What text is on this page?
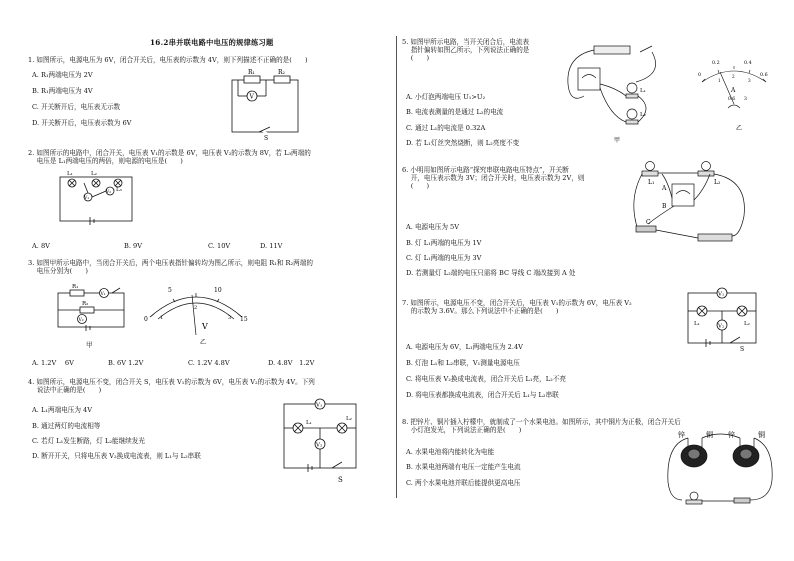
16.2串并联电路中电压的规律练习题
1. 如图所示，电源电压为 6V，闭合开关后，电压表的示数为 4V，则下列描述不正确的是(　　)
A. R₁两端电压为 2V
B. R₁两端电压为 4V
C. 开关断开后，电压表无示数
D. 开关断开后，电压表示数为 6V
R₁	R₂
V
S
2. 如图所示的电路中，闭合开关，电压表 V₁的示数是 6V，电压表 V₂的示数为 8V，若 L₃两端的
　 电压是 L₁两端电压的两倍，则电源的电压是(　　)
L₁	L₂
L₃
V₁
V₂
A. 8V	B. 9V	C. 10V	D. 11V
3. 如图甲所示电路中，当闭合开关后，两个电压表指针偏转均为图乙所示，则电阻 R₁和 R₂两端的
　 电压分别为(　　)
R₁
R₂
V₁
V₂	0
5	10
15
1
2
3
V
乙
甲
A. 1.2V　 6V	B. 6V 1.2V	C. 1.2V 4.8V	D. 4.8V　1.2V
4. 如图所示，电源电压不变，闭合开关 S，电压表 V₁的示数为 6V，电压表 V₂的示数为 4V。下列
　 说法中正确的是(　　)
A. L₁两端电压为 4V
B. 通过两灯的电流相等
C. 若灯 L₁发生断路，灯 L₂能继续发光
D. 断开开关，只将电压表 V₂换成电流表，则 L₁与 L₂串联
V₁
L₁
L₂
V₂
S
5. 如图甲所示电路，当开关闭合后，电流表
　 指针偏转如图乙所示，下列说法正确的是
　 (　　)
A. 小灯泡两端电压 U₁>U₂
B. 电流表测量的是通过 L₂的电流
C. 通过 L₁的电流是 0.32A
D. 若 L₁灯丝突然烧断，则 L₂亮度不变
L₁
L₂
甲
0
0.2	0.4
0.6
1
2
3
A
0.6 3
乙
6. 小明用如图所示电路“探究串联电路电压特点”，开关断
　 开，电压表示数为 3V；闭合开关时，电压表示数为 2V，则
　 (　　)
A. 电源电压为 5V
B. 灯 L₁两端的电压为 1V
C. 灯 L₁两端的电压为 3V
D. 若测量灯 L₂端的电压只需将 BC 导线 C 端改接到 A 处
L₁	L₂
A
B
C
7. 如图所示，电源电压不变，闭合开关后，电压表 V₁的示数为 6V，电压表 V₂
　 的示数为 3.6V。那么下列说法中不正确的是(　　)
A. 电源电压为 6V，L₁两端电压为 2.4V
B. 灯泡 L₁和 L₂串联，V₁测量电源电压
C. 将电压表 V₂换成电流表，闭合开关后 L₁亮，L₂不亮
D. 将电压表都换成电流表，闭合开关后 L₁与 L₂串联
V₁
L₁	L₂
V₂
S
8. 把锌片、铜片插入柠檬中，就制成了一个水果电池。如图所示，其中铜片为正极，闭合开关后
　 小灯泡发光，下列说法正确的是(　　)
A. 水果电池将内能转化为电能
B. 水果电池两端有电压一定能产生电流
C. 两个水果电池并联后能提供更高电压
锌	铜 锌	铜
